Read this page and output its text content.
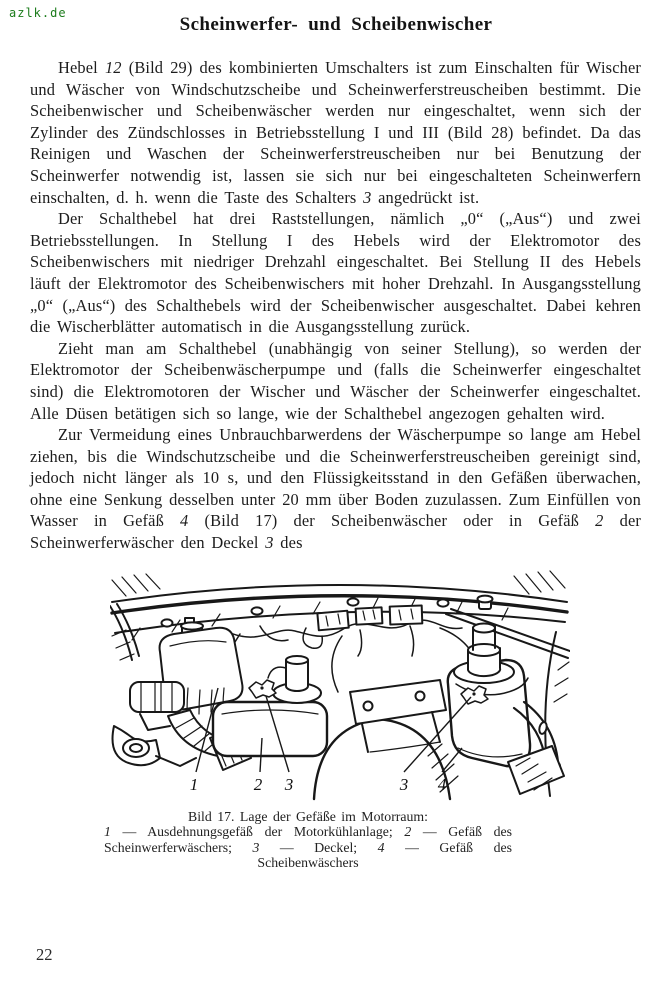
azlk.de
Scheinwerfer- und Scheibenwischer

Hebel 12 (Bild 29) des kombinierten Umschalters ist zum Einschalten für Wischer und Wäscher von Windschutzscheibe und Scheinwerferstreuscheiben bestimmt. Die Scheibenwischer und Scheibenwäscher werden nur eingeschaltet, wenn sich der Zylinder des Zündschlosses in Betriebsstellung I und III (Bild 28) befindet. Da das Reinigen und Waschen der Scheinwerferstreuscheiben nur bei Benutzung der Scheinwerfer notwendig ist, lassen sie sich nur bei eingeschalteten Scheinwerfern einschalten, d. h. wenn die Taste des Schalters 3 angedrückt ist.

Der Schalthebel hat drei Raststellungen, nämlich „0“ („Aus“) und zwei Betriebsstellungen. In Stellung I des Hebels wird der Elektromotor des Scheibenwischers mit niedriger Drehzahl eingeschaltet. Bei Stellung II des Hebels läuft der Elektromotor des Scheibenwischers mit hoher Drehzahl. In Ausgangsstellung „0“ („Aus“) des Schalthebels wird der Scheibenwischer ausgeschaltet. Dabei kehren die Wischerblätter automatisch in die Ausgangsstellung zurück.

Zieht man am Schalthebel (unabhängig von seiner Stellung), so werden der Elektromotor der Scheibenwäscherpumpe und (falls die Scheinwerfer eingeschaltet sind) die Elektromotoren der Wischer und Wäscher der Scheinwerfer eingeschaltet. Alle Düsen betätigen sich so lange, wie der Schalthebel angezogen gehalten wird.

Zur Vermeidung eines Unbrauchbarwerdens der Wäscherpumpe so lange am Hebel ziehen, bis die Windschutzscheibe und die Scheinwerferstreuscheiben gereinigt sind, jedoch nicht länger als 10 s, und den Flüssigkeitsstand in den Gefäßen überwachen, ohne eine Senkung desselben unter 20 mm über Boden zuzulassen. Zum Einfüllen von Wasser in Gefäß 4 (Bild 17) der Scheibenwäscher oder in Gefäß 2 der Scheinwerferwäscher den Deckel 3 des

1	2 3	3 4
Bild 17. Lage der Gefäße im Motorraum:
1 — Ausdehnungsgefäß der Motorkühlanlage; 2 — Gefäß des Scheinwerferwäschers; 3 — Deckel; 4 — Gefäß des Scheibenwäschers
22
